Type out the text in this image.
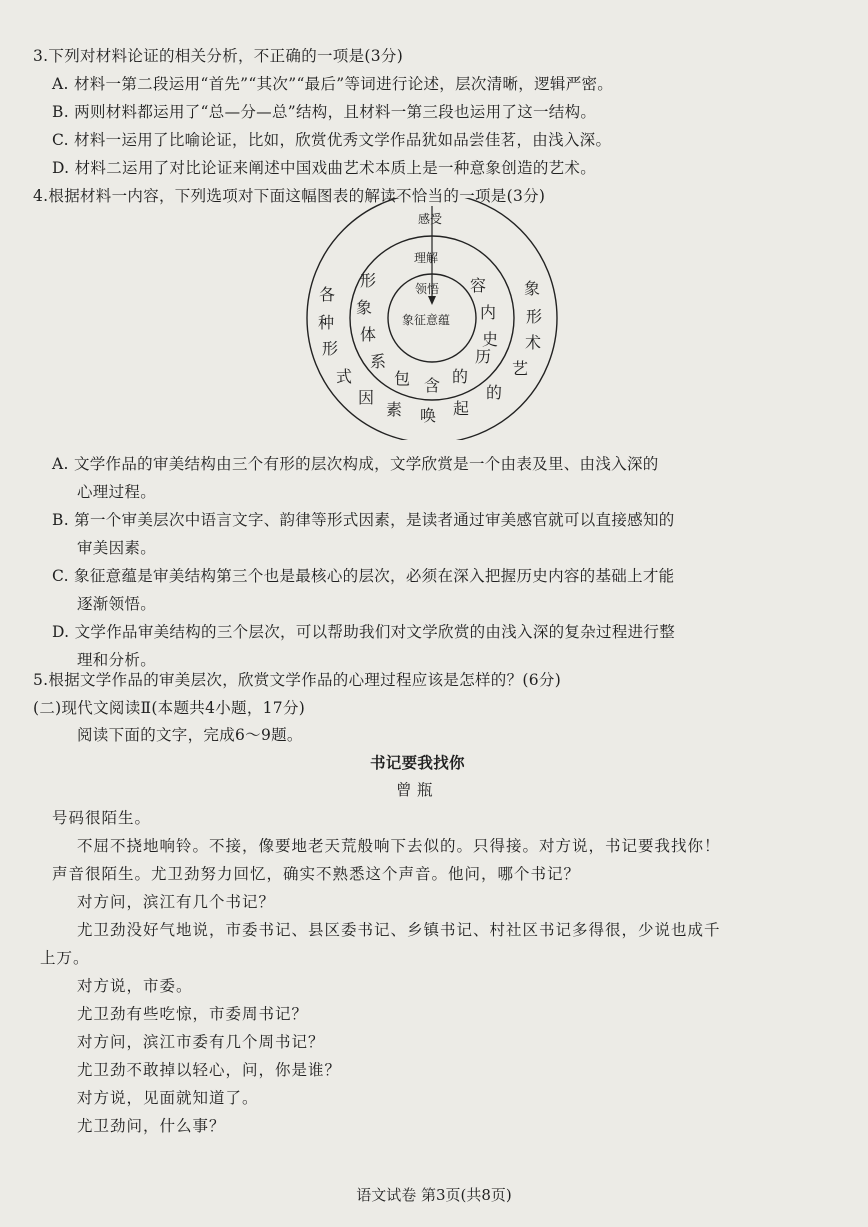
3.下列对材料论证的相关分析，不正确的一项是(3分)
A. 材料一第二段运用“首先”“其次”“最后”等词进行论述，层次清晰，逻辑严密。
B. 两则材料都运用了“总—分—总”结构，且材料一第三段也运用了这一结构。
C. 材料一运用了比喻论证，比如，欣赏优秀文学作品犹如品尝佳茗，由浅入深。
D. 材料二运用了对比论证来阐述中国戏曲艺术本质上是一种意象创造的艺术。
4.根据材料一内容，下列选项对下面这幅图表的解读不恰当的一项是(3分)
感受
理解
领悟
象征意蕴
形
象
体
系
包 含 的
容
内
史
历
各
种
形
式
因
素 唤 起
象
形
术
艺
的
A. 文学作品的审美结构由三个有形的层次构成，文学欣赏是一个由表及里、由浅入深的
心理过程。
B. 第一个审美层次中语言文字、韵律等形式因素，是读者通过审美感官就可以直接感知的
审美因素。
C. 象征意蕴是审美结构第三个也是最核心的层次，必须在深入把握历史内容的基础上才能
逐渐领悟。
D. 文学作品审美结构的三个层次，可以帮助我们对文学欣赏的由浅入深的复杂过程进行整
理和分析。
5.根据文学作品的审美层次，欣赏文学作品的心理过程应该是怎样的？(6分)
(二)现代文阅读Ⅱ(本题共4小题，17分)
阅读下面的文字，完成6～9题。
书记要我找你
曾 瓶
号码很陌生。
不屈不挠地响铃。不接，像要地老天荒般响下去似的。只得接。对方说，书记要我找你！
声音很陌生。尤卫劲努力回忆，确实不熟悉这个声音。他问，哪个书记？
对方问，滨江有几个书记？
尤卫劲没好气地说，市委书记、县区委书记、乡镇书记、村社区书记多得很，少说也成千
上万。
对方说，市委。
尤卫劲有些吃惊，市委周书记？
对方问，滨江市委有几个周书记？
尤卫劲不敢掉以轻心，问，你是谁？
对方说，见面就知道了。
尤卫劲问，什么事？
语文试卷 第3页(共8页)
